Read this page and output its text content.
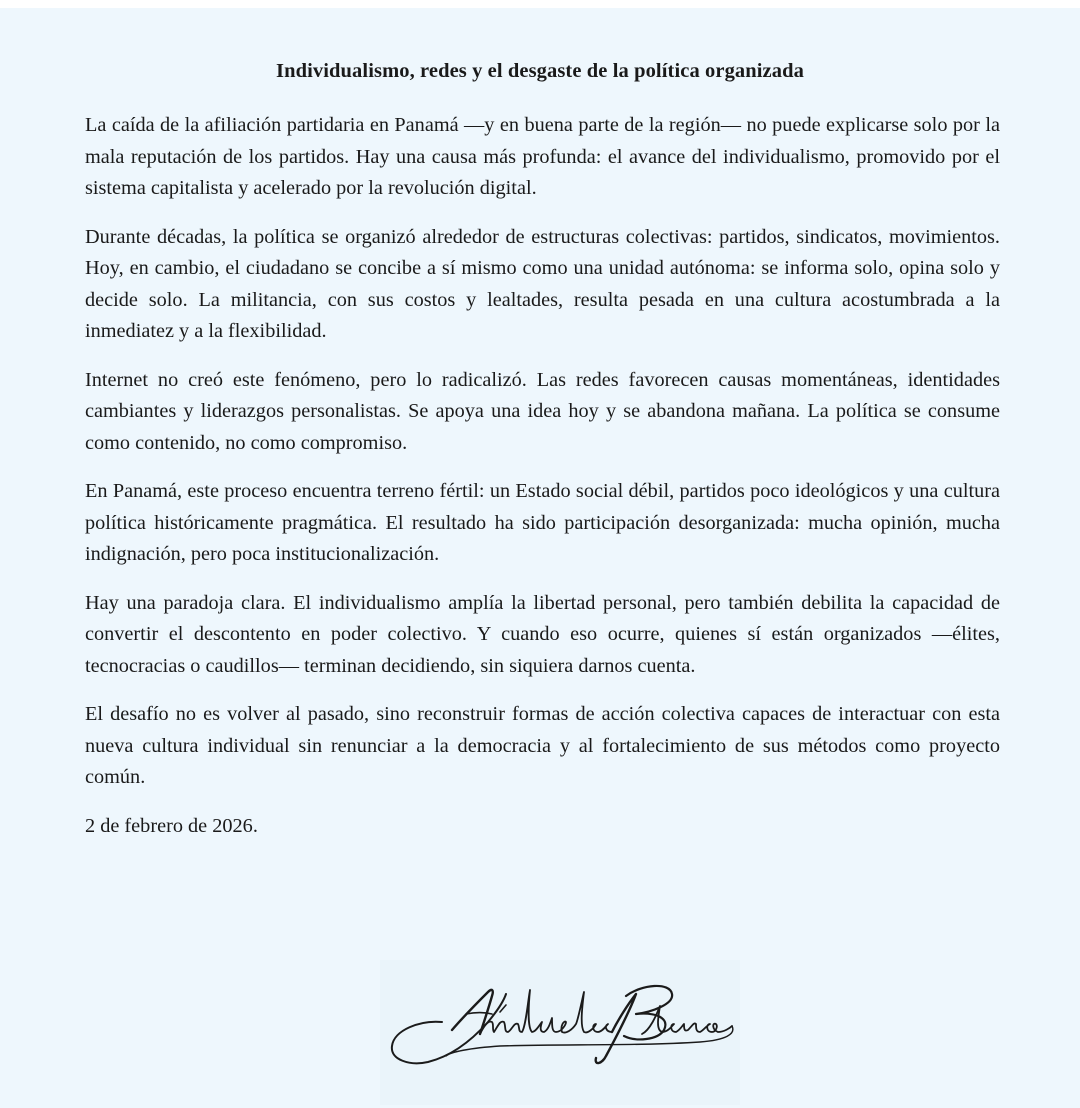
Individualismo, redes y el desgaste de la política organizada

La caída de la afiliación partidaria en Panamá —y en buena parte de la región— no puede explicarse solo por la mala reputación de los partidos. Hay una causa más profunda: el avance del individualismo, promovido por el sistema capitalista y acelerado por la revolución digital.

Durante décadas, la política se organizó alrededor de estructuras colectivas: partidos, sindicatos, movimientos. Hoy, en cambio, el ciudadano se concibe a sí mismo como una unidad autónoma: se informa solo, opina solo y decide solo. La militancia, con sus costos y lealtades, resulta pesada en una cultura acostumbrada a la inmediatez y a la flexibilidad.

Internet no creó este fenómeno, pero lo radicalizó. Las redes favorecen causas momentáneas, identidades cambiantes y liderazgos personalistas. Se apoya una idea hoy y se abandona mañana. La política se consume como contenido, no como compromiso.

En Panamá, este proceso encuentra terreno fértil: un Estado social débil, partidos poco ideológicos y una cultura política históricamente pragmática. El resultado ha sido participación desorganizada: mucha opinión, mucha indignación, pero poca institucionalización.

Hay una paradoja clara. El individualismo amplía la libertad personal, pero también debilita la capacidad de convertir el descontento en poder colectivo. Y cuando eso ocurre, quienes sí están organizados —élites, tecnocracias o caudillos— terminan decidiendo, sin siquiera darnos cuenta.

El desafío no es volver al pasado, sino reconstruir formas de acción colectiva capaces de interactuar con esta nueva cultura individual sin renunciar a la democracia y al fortalecimiento de sus métodos como proyecto común.

2 de febrero de 2026.
